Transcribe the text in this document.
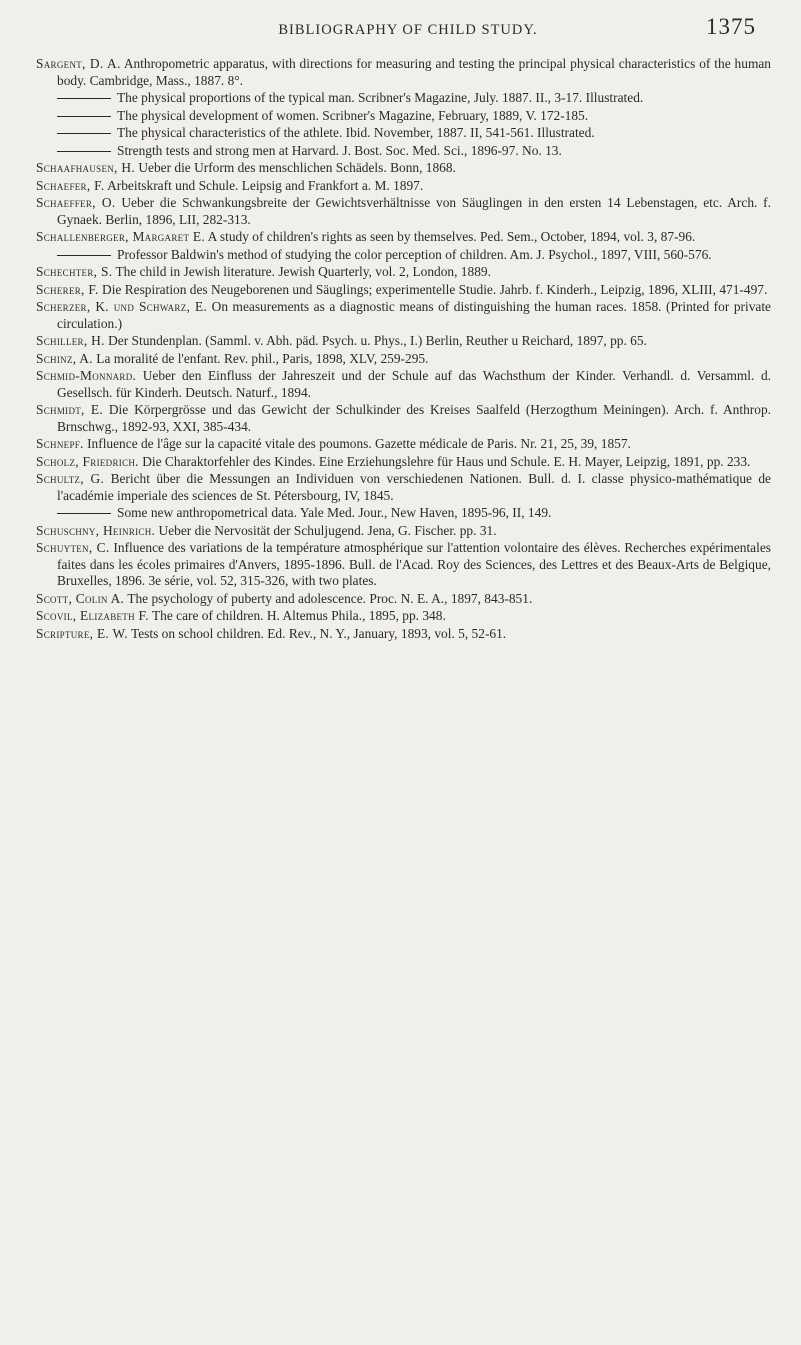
BIBLIOGRAPHY OF CHILD STUDY.	1375

Sargent, D. A. Anthropometric apparatus, with directions for measuring and testing the principal physical characteristics of the human body. Cambridge, Mass., 1887. 8°.

The physical proportions of the typical man. Scribner's Magazine, July. 1887. II., 3-17. Illustrated.

The physical development of women. Scribner's Magazine, February, 1889, V. 172-185.

The physical characteristics of the athlete. Ibid. November, 1887. II, 541-561. Illustrated.

Strength tests and strong men at Harvard. J. Bost. Soc. Med. Sci., 1896-97. No. 13.

Schaafhausen, H. Ueber die Urform des menschlichen Schädels. Bonn, 1868.

Schaefer, F. Arbeitskraft und Schule. Leipsig and Frankfort a. M. 1897.

Schaeffer, O. Ueber die Schwankungsbreite der Gewichtsverhältnisse von Säuglingen in den ersten 14 Lebenstagen, etc. Arch. f. Gynaek. Berlin, 1896, LII, 282-313.

Schallenberger, Margaret E. A study of children's rights as seen by themselves. Ped. Sem., October, 1894, vol. 3, 87-96.

Professor Baldwin's method of studying the color perception of children. Am. J. Psychol., 1897, VIII, 560-576.

Schechter, S. The child in Jewish literature. Jewish Quarterly, vol. 2, London, 1889.

Scherer, F. Die Respiration des Neugeborenen und Säuglings; experimentelle Studie. Jahrb. f. Kinderh., Leipzig, 1896, XLIII, 471-497.

Scherzer, K. und Schwarz, E. On measurements as a diagnostic means of distinguishing the human races. 1858. (Printed for private circulation.)

Schiller, H. Der Stundenplan. (Samml. v. Abh. päd. Psych. u. Phys., I.) Berlin, Reuther u Reichard, 1897, pp. 65.

Schinz, A. La moralité de l'enfant. Rev. phil., Paris, 1898, XLV, 259-295.

Schmid-Monnard. Ueber den Einfluss der Jahreszeit und der Schule auf das Wachsthum der Kinder. Verhandl. d. Versamml. d. Gesellsch. für Kinderh. Deutsch. Naturf., 1894.

Schmidt, E. Die Körpergrösse und das Gewicht der Schulkinder des Kreises Saalfeld (Herzogthum Meiningen). Arch. f. Anthrop. Brnschwg., 1892-93, XXI, 385-434.

Schnepf. Influence de l'âge sur la capacité vitale des poumons. Gazette médicale de Paris. Nr. 21, 25, 39, 1857.

Scholz, Friedrich. Die Charaktorfehler des Kindes. Eine Erziehungslehre für Haus und Schule. E. H. Mayer, Leipzig, 1891, pp. 233.

Schultz, G. Bericht über die Messungen an Individuen von verschiedenen Nationen. Bull. d. I. classe physico-mathématique de l'académie imperiale des sciences de St. Pétersbourg, IV, 1845.

Some new anthropometrical data. Yale Med. Jour., New Haven, 1895-96, II, 149.

Schuschny, Heinrich. Ueber die Nervosität der Schuljugend. Jena, G. Fischer. pp. 31.

Schuyten, C. Influence des variations de la température atmosphérique sur l'attention volontaire des élèves. Recherches expérimentales faites dans les écoles primaires d'Anvers, 1895-1896. Bull. de l'Acad. Roy des Sciences, des Lettres et des Beaux-Arts de Belgique, Bruxelles, 1896. 3e série, vol. 52, 315-326, with two plates.

Scott, Colin A. The psychology of puberty and adolescence. Proc. N. E. A., 1897, 843-851.

Scovil, Elizabeth F. The care of children. H. Altemus Phila., 1895, pp. 348.

Scripture, E. W. Tests on school children. Ed. Rev., N. Y., January, 1893, vol. 5, 52-61.
